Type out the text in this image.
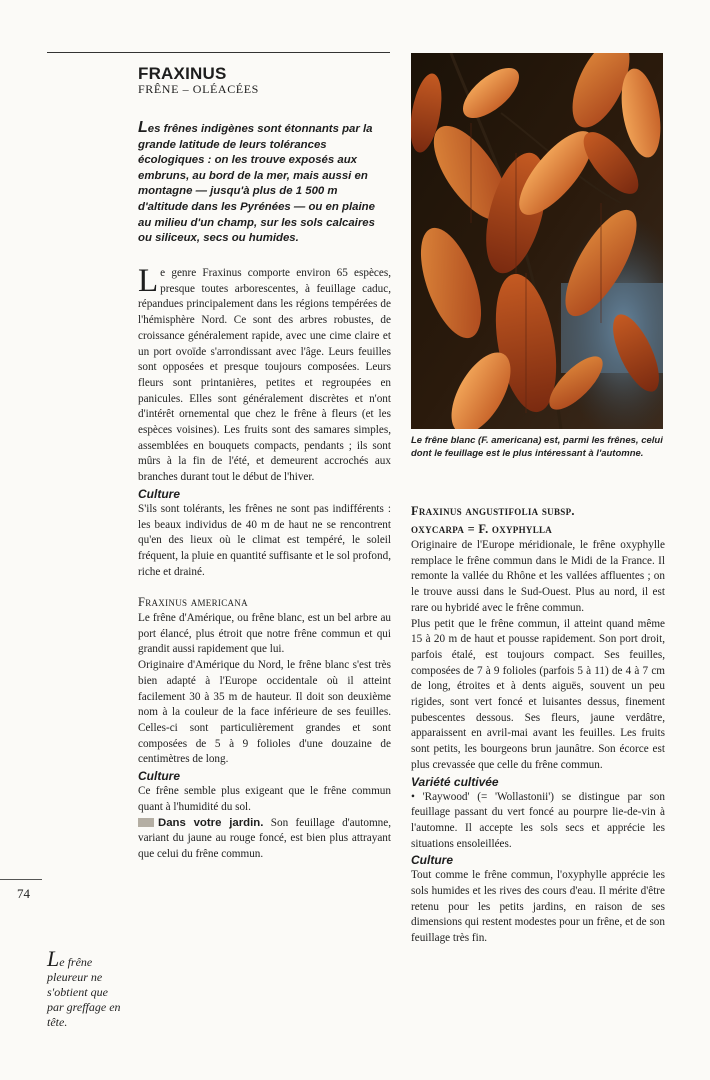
FRAXINUS
FRÊNE – OLÉACÉES
Les frênes indigènes sont étonnants par la grande latitude de leurs tolérances écologiques : on les trouve exposés aux embruns, au bord de la mer, mais aussi en montagne — jusqu'à plus de 1 500 m d'altitude dans les Pyrénées — ou en plaine au milieu d'un champ, sur les sols calcaires ou siliceux, secs ou humides.

Le genre Fraxinus comporte environ 65 espèces, presque toutes arborescentes, à feuillage caduc, répandues principalement dans les régions tempérées de l'hémisphère Nord. Ce sont des arbres robustes, de croissance généralement rapide, avec une cime claire et un port ovoïde s'arrondissant avec l'âge. Leurs feuilles sont opposées et presque toujours composées. Leurs fleurs sont printanières, petites et regroupées en panicules. Elles sont généralement discrètes et n'ont d'intérêt ornemental que chez le frêne à fleurs (et les espèces voisines). Les fruits sont des samares simples, assemblées en bouquets compacts, pendants ; ils sont mûrs à la fin de l'été, et demeurent accrochés aux branches durant tout le début de l'hiver.

Culture

S'ils sont tolérants, les frênes ne sont pas indifférents : les beaux individus de 40 m de haut ne se rencontrent qu'en des lieux où le climat est tempéré, le soleil fréquent, la pluie en quantité suffisante et le sol profond, riche et drainé.

Fraxinus americana

Le frêne d'Amérique, ou frêne blanc, est un bel arbre au port élancé, plus étroit que notre frêne commun et qui grandit aussi rapidement que lui.

Originaire d'Amérique du Nord, le frêne blanc s'est très bien adapté à l'Europe occidentale où il atteint facilement 30 à 35 m de hauteur. Il doit son deuxième nom à la couleur de la face inférieure de ses feuilles. Celles-ci sont particulièrement grandes et sont composées de 5 à 9 folioles d'une douzaine de centimètres de long.

Culture

Ce frêne semble plus exigeant que le frêne commun quant à l'humidité du sol.

Dans votre jardin. Son feuillage d'automne, variant du jaune au rouge foncé, est bien plus attrayant que celui du frêne commun.

Le frêne blanc (F. americana) est, parmi les frênes, celui dont le feuillage est le plus intéressant à l'automne.
Fraxinus angustifolia subsp.
oxycarpa = F. oxyphylla

Originaire de l'Europe méridionale, le frêne oxyphylle remplace le frêne commun dans le Midi de la France. Il remonte la vallée du Rhône et les vallées affluentes ; on le trouve aussi dans le Sud-Ouest. Plus au nord, il est rare ou hybridé avec le frêne commun.

Plus petit que le frêne commun, il atteint quand même 15 à 20 m de haut et pousse rapidement. Son port droit, parfois étalé, est toujours compact. Ses feuilles, composées de 7 à 9 folioles (parfois 5 à 11) de 4 à 7 cm de long, étroites et à dents aiguës, souvent un peu rigides, sont vert foncé et luisantes dessus, finement pubescentes dessous. Ses fleurs, jaune verdâtre, apparaissent en avril-mai avant les feuilles. Les fruits sont petits, les bourgeons brun jaunâtre. Son écorce est plus crevassée que celle du frêne commun.

Variété cultivée

• 'Raywood' (= 'Wollastonii') se distingue par son feuillage passant du vert foncé au pourpre lie-de-vin à l'automne. Il accepte les sols secs et apprécie les situations ensoleillées.

Culture

Tout comme le frêne commun, l'oxyphylle apprécie les sols humides et les rives des cours d'eau. Il mérite d'être retenu pour les petits jardins, en raison de ses dimensions qui restent modestes pour un frêne, et de son feuillage très fin.

74
Le frêne pleureur ne s'obtient que par greffage en tête.
